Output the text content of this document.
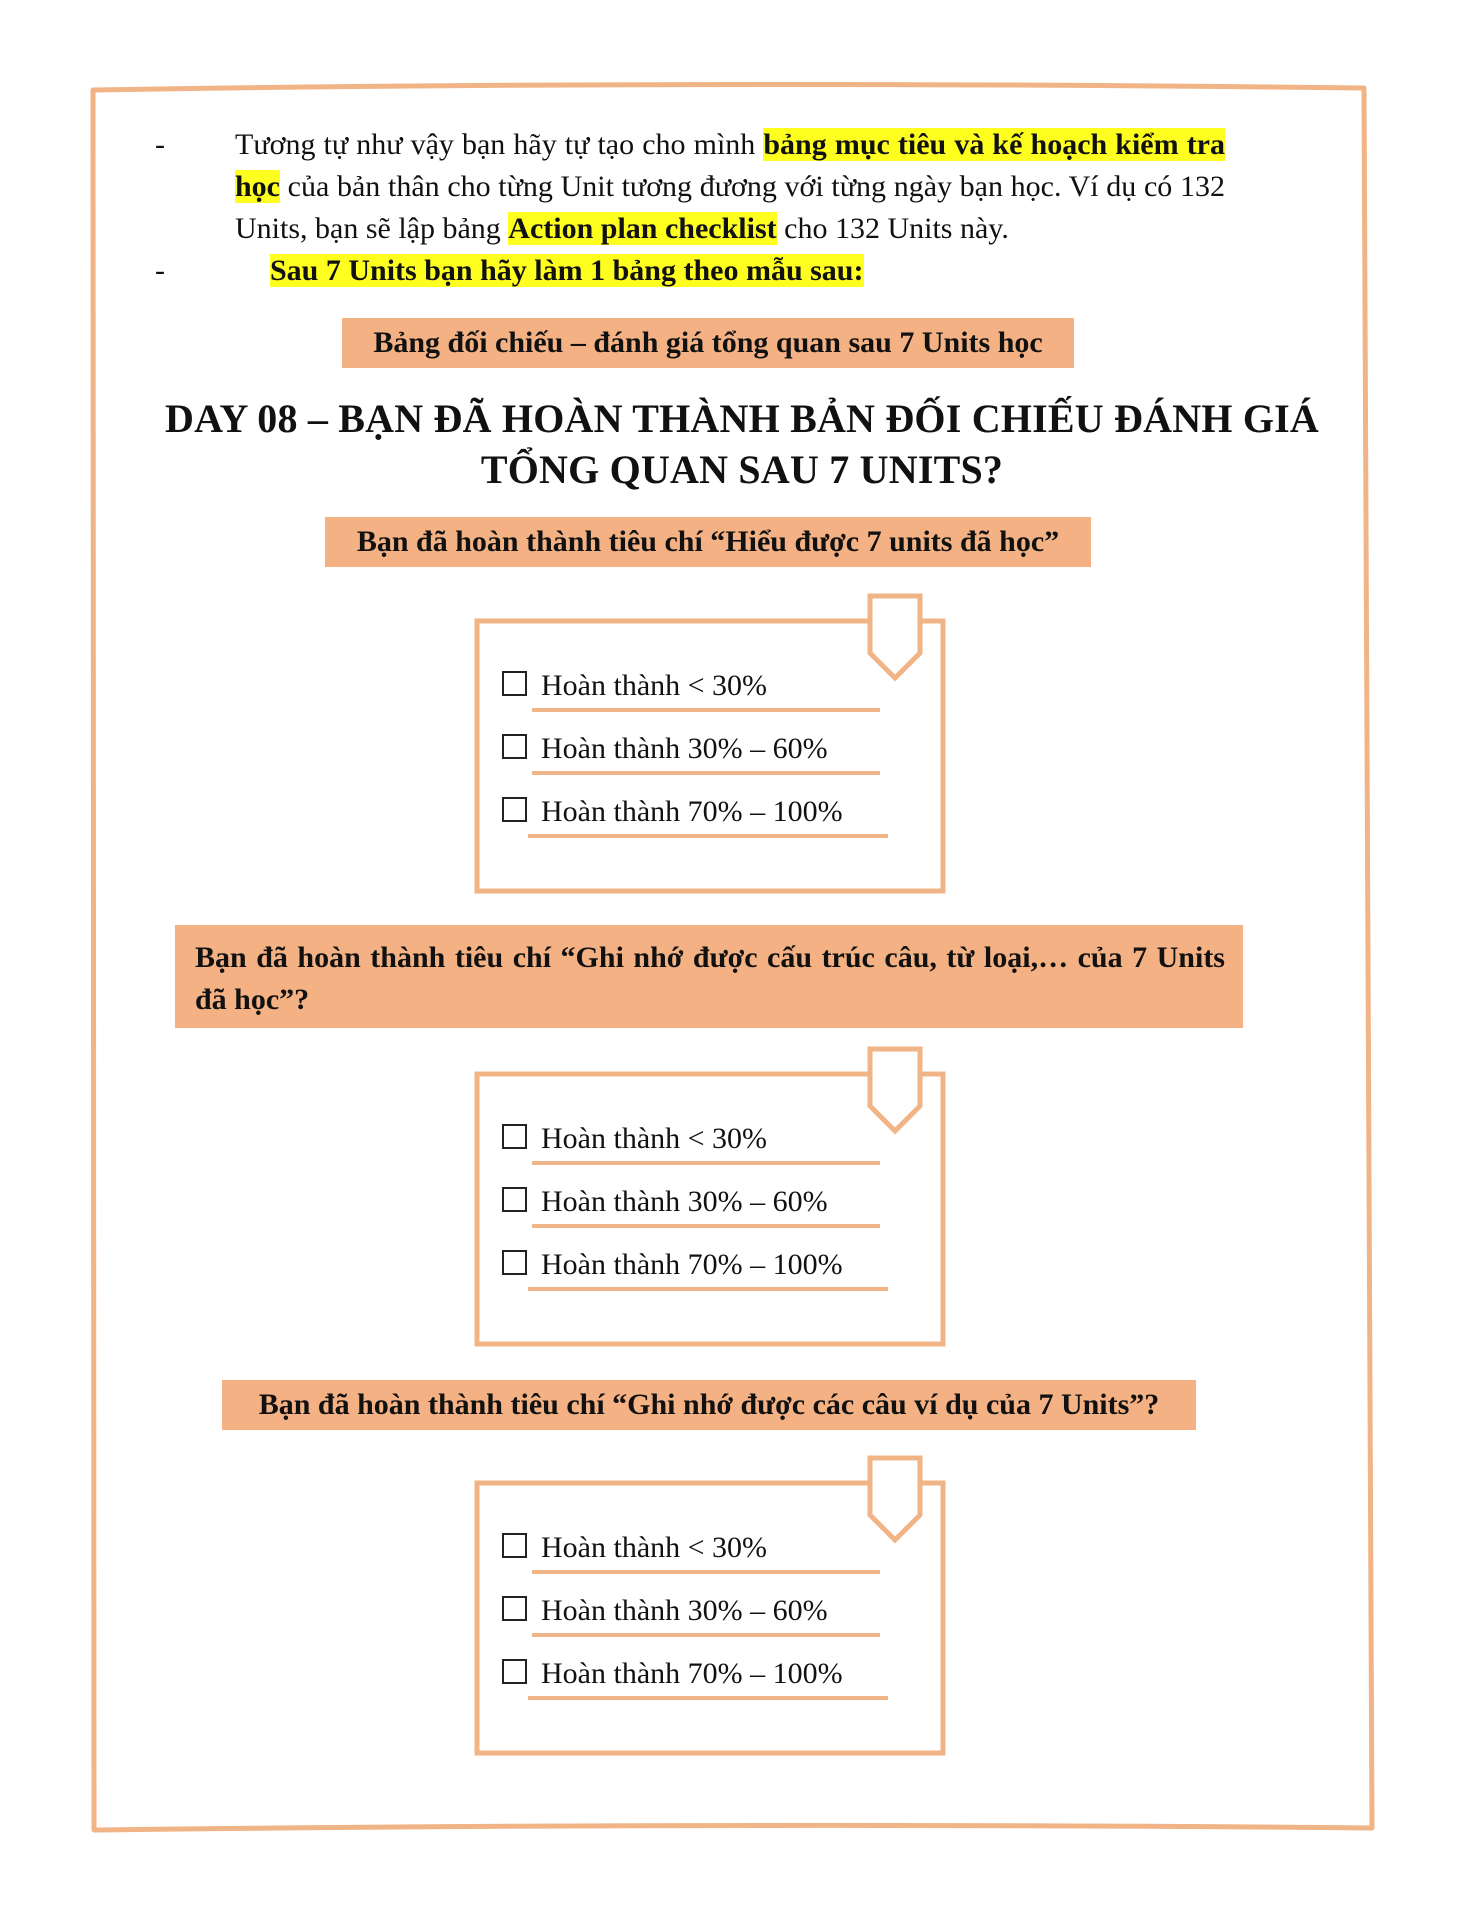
-	Tương tự như vậy bạn hãy tự tạo cho mình bảng mục tiêu và kế hoạch kiểm tra học của bản thân cho từng Unit tương đương với từng ngày bạn học. Ví dụ có 132 Units, bạn sẽ lập bảng Action plan checklist cho 132 Units này.

-	Sau 7 Units bạn hãy làm 1 bảng theo mẫu sau:

Bảng đối chiếu – đánh giá tổng quan sau 7 Units học
DAY 08 – BẠN ĐÃ HOÀN THÀNH BẢN ĐỐI CHIẾU ĐÁNH GIÁ TỔNG QUAN SAU 7 UNITS?
Bạn đã hoàn thành tiêu chí “Hiểu được 7 units đã học”
Hoàn thành < 30%
Hoàn thành 30% – 60%
Hoàn thành 70% – 100%
Bạn đã hoàn thành tiêu chí “Ghi nhớ được cấu trúc câu, từ loại,… của 7 Units đã học”?
Hoàn thành < 30%
Hoàn thành 30% – 60%
Hoàn thành 70% – 100%
Bạn đã hoàn thành tiêu chí “Ghi nhớ được các câu ví dụ của 7 Units”?
Hoàn thành < 30%
Hoàn thành 30% – 60%
Hoàn thành 70% – 100%
